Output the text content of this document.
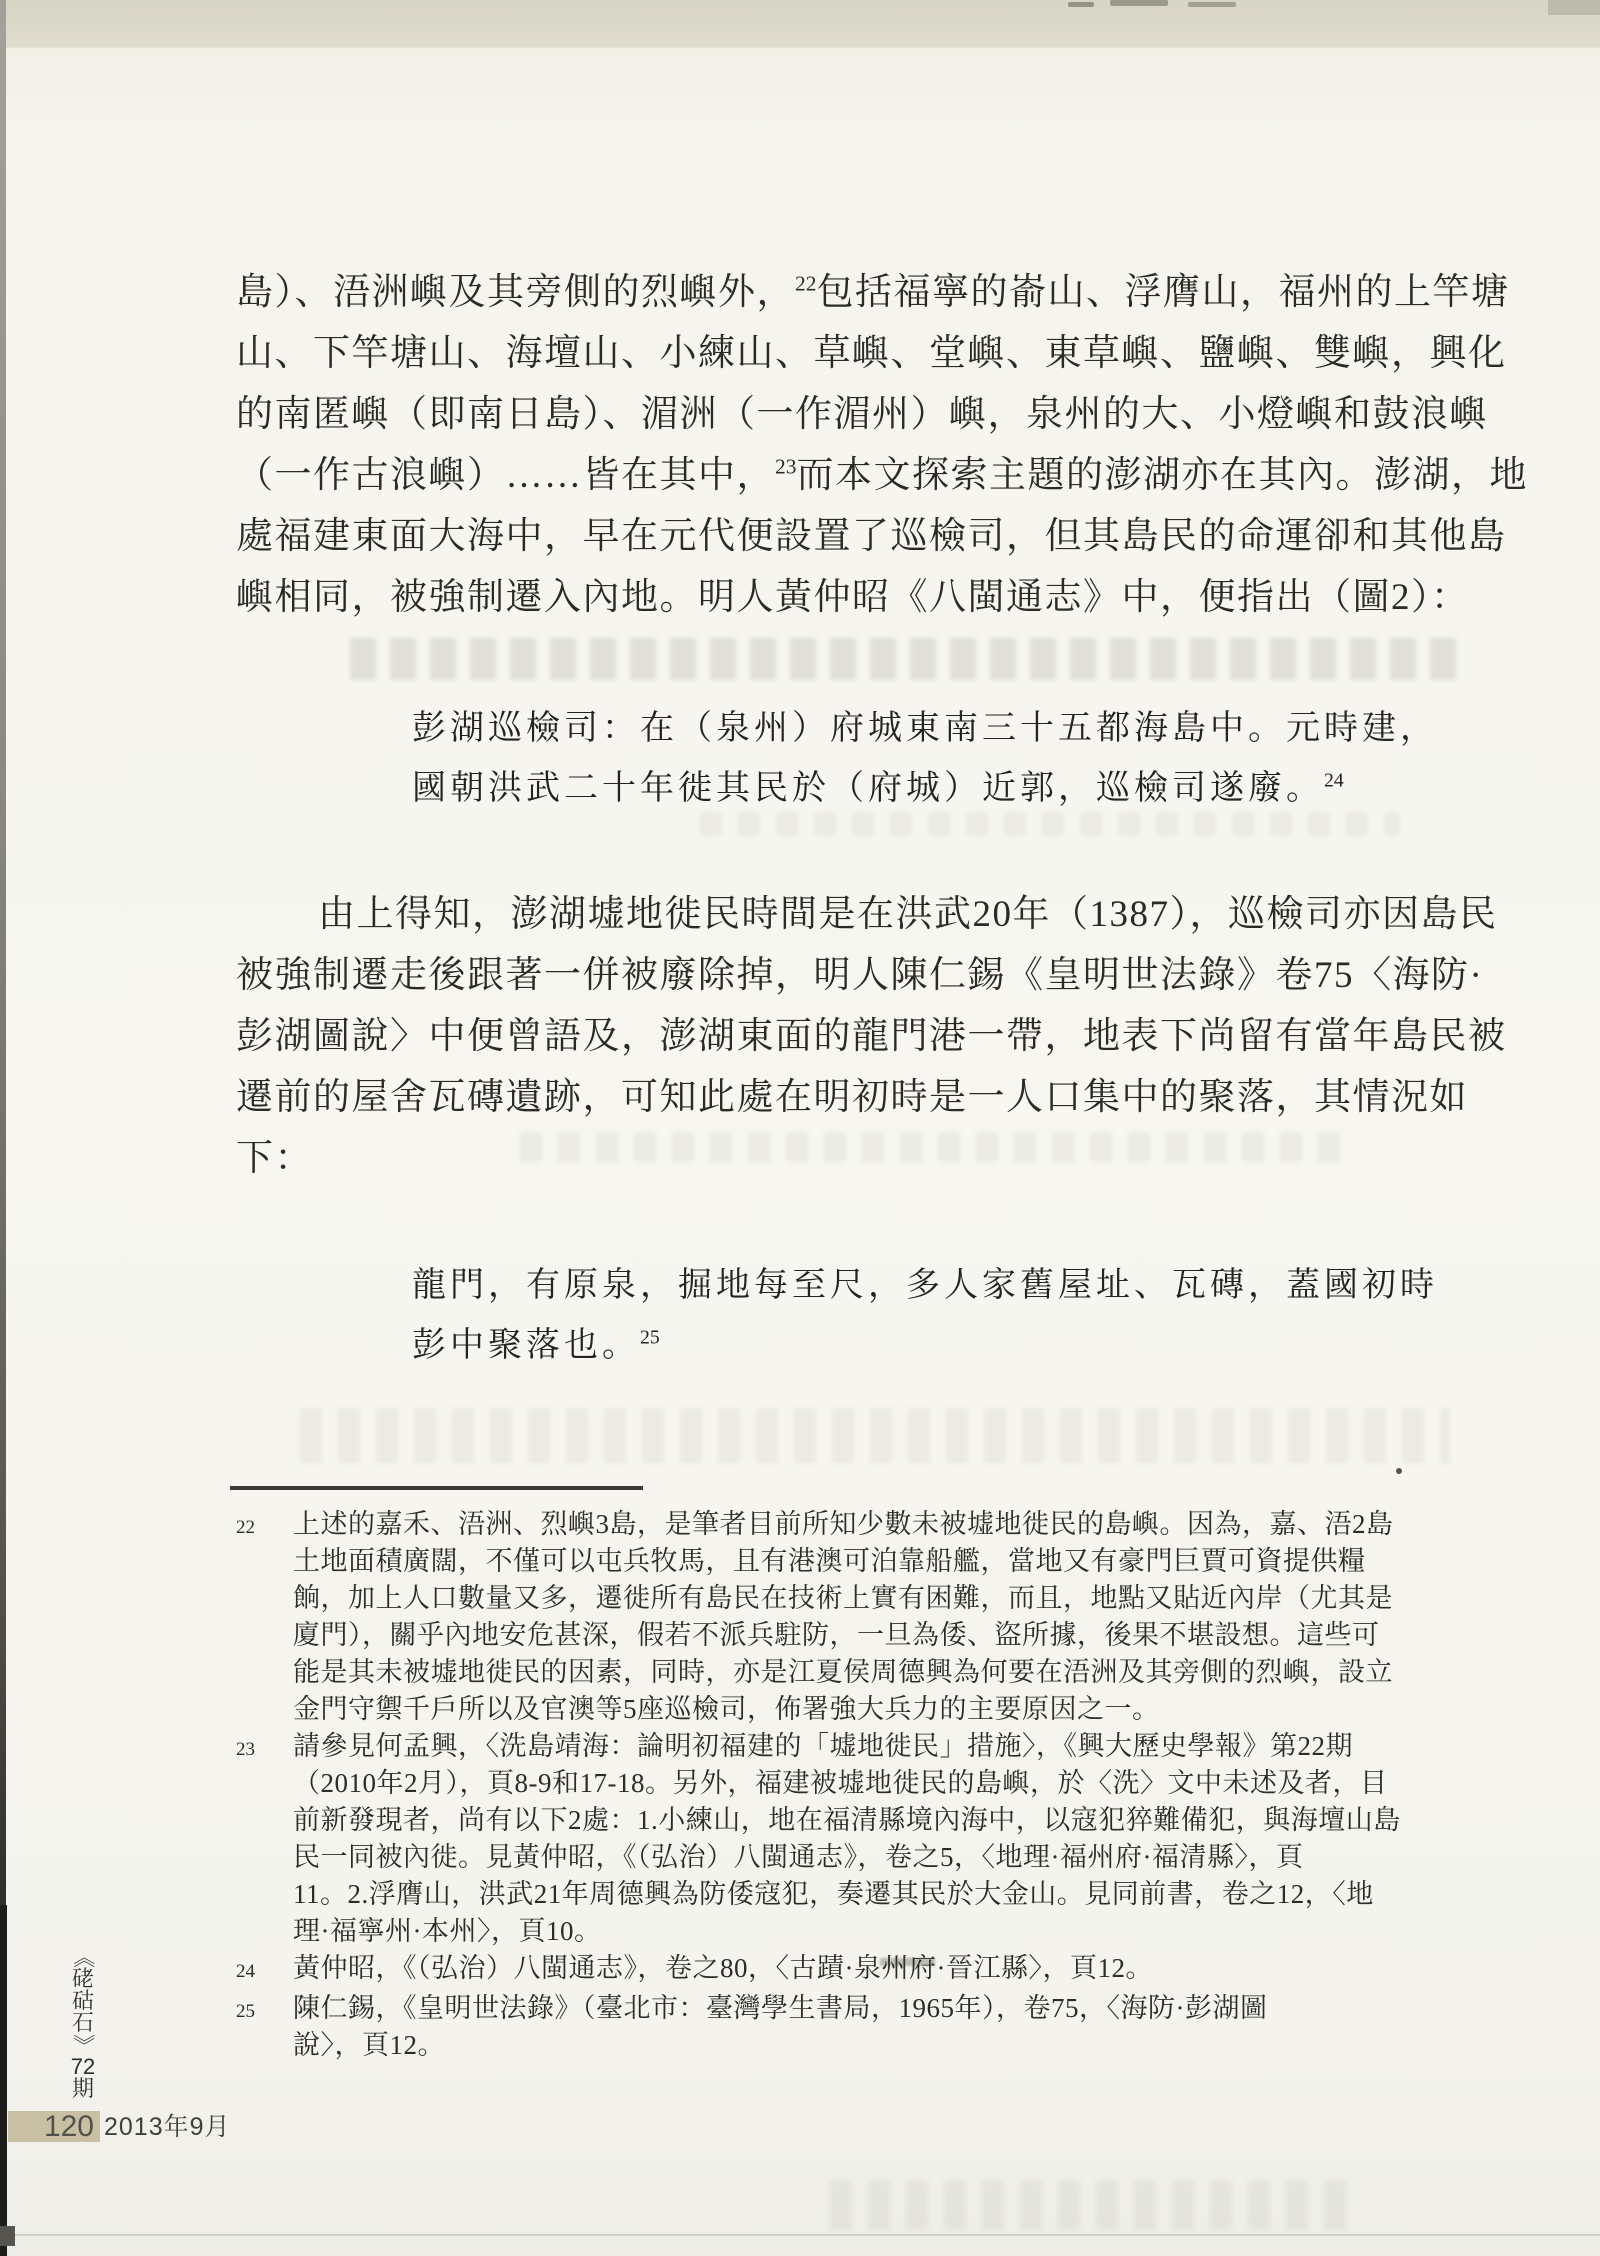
島）、浯洲嶼及其旁側的烈嶼外，$^{22}$包括福寧的嵛山、浮膺山，福州的上竿塘
山、下竿塘山、海壇山、小練山、草嶼、堂嶼、東草嶼、鹽嶼、雙嶼，興化
的南匿嶼（即南日島）、湄洲（一作湄州）嶼，泉州的大、小燈嶼和鼓浪嶼
（一作古浪嶼）……皆在其中，$^{23}$而本文探索主題的澎湖亦在其內。澎湖，地
處福建東面大海中，早在元代便設置了巡檢司，但其島民的命運卻和其他島
嶼相同，被強制遷入內地。明人黃仲昭《八閩通志》中，便指出（圖2）：
彭湖巡檢司：在（泉州）府城東南三十五都海島中。元時建，
國朝洪武二十年徙其民於（府城）近郭，巡檢司遂廢。$^{24}$
由上得知，澎湖墟地徙民時間是在洪武20年（1387），巡檢司亦因島民
被強制遷走後跟著一併被廢除掉，明人陳仁錫《皇明世法錄》卷75〈海防·
彭湖圖說〉中便曾語及，澎湖東面的龍門港一帶，地表下尚留有當年島民被
遷前的屋舍瓦磚遺跡，可知此處在明初時是一人口集中的聚落，其情況如
下：
龍門，有原泉，掘地每至尺，多人家舊屋址、瓦磚，蓋國初時
彭中聚落也。$^{25}$
22	上述的嘉禾、浯洲、烈嶼3島，是筆者目前所知少數未被墟地徙民的島嶼。因為，嘉、浯2島
土地面積廣闊，不僅可以屯兵牧馬，且有港澳可泊靠船艦，當地又有豪門巨賈可資提供糧
餉，加上人口數量又多，遷徙所有島民在技術上實有困難，而且，地點又貼近內岸（尤其是
廈門），關乎內地安危甚深，假若不派兵駐防，一旦為倭、盜所據，後果不堪設想。這些可
能是其未被墟地徙民的因素，同時，亦是江夏侯周德興為何要在浯洲及其旁側的烈嶼，設立
金門守禦千戶所以及官澳等5座巡檢司，佈署強大兵力的主要原因之一。
23	請參見何孟興，〈洗島靖海：論明初福建的「墟地徙民」措施〉，《興大歷史學報》第22期
（2010年2月），頁8-9和17-18。另外，福建被墟地徙民的島嶼，於〈洗〉文中未述及者，目
前新發現者，尚有以下2處：1.小練山，地在福清縣境內海中，以寇犯猝難備犯，與海壇山島
民一同被內徙。見黃仲昭，《（弘治）八閩通志》，卷之5，〈地理·福州府·福清縣〉，頁
11。2.浮膺山，洪武21年周德興為防倭寇犯，奏遷其民於大金山。見同前書，卷之12，〈地
理·福寧州·本州〉，頁10。
24	黃仲昭，《（弘治）八閩通志》，卷之80，〈古蹟·泉州府·晉江縣〉，頁12。
25	陳仁錫，《皇明世法錄》（臺北市：臺灣學生書局，1965年），卷75，〈海防·彭湖圖
說〉，頁12。
《
硓
𥑮
石
》
72
期
120 2013年9月
